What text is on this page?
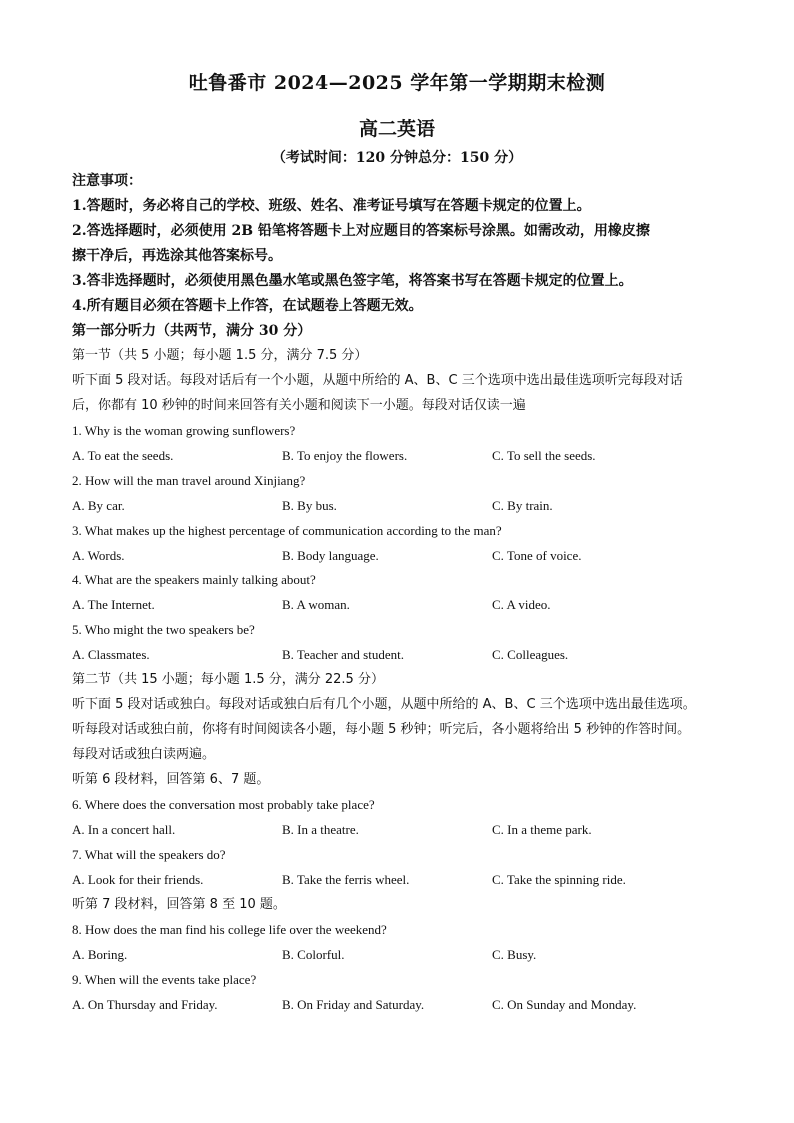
吐鲁番市 2024—2025 学年第一学期期末检测
高二英语
（考试时间：120 分钟总分：150 分）
注意事项：
1.答题时，务必将自己的学校、班级、姓名、准考证号填写在答题卡规定的位置上。
2.答选择题时，必须使用 2B 铅笔将答题卡上对应题目的答案标号涂黑。如需改动，用橡皮擦
擦干净后，再选涂其他答案标号。
3.答非选择题时，必须使用黑色墨水笔或黑色签字笔，将答案书写在答题卡规定的位置上。
4.所有题目必须在答题卡上作答，在试题卷上答题无效。
第一部分听力（共两节，满分 30 分）
第一节（共 5 小题；每小题 1.5 分，满分 7.5 分）
听下面 5 段对话。每段对话后有一个小题，从题中所给的 A、B、C 三个选项中选出最佳选项听完每段对话
后，你都有 10 秒钟的时间来回答有关小题和阅读下一小题。每段对话仅读一遍
1. Why is the woman growing sunflowers?
A. To eat the seeds.	B. To enjoy the flowers.	C. To sell the seeds.
2. How will the man travel around Xinjiang?
A. By car.	B. By bus.	C. By train.
3. What makes up the highest percentage of communication according to the man?
A. Words.	B. Body language.	C. Tone of voice.
4. What are the speakers mainly talking about?
A. The Internet.	B. A woman.	C. A video.
5. Who might the two speakers be?
A. Classmates.	B. Teacher and student.	C. Colleagues.
第二节（共 15 小题；每小题 1.5 分，满分 22.5 分）
听下面 5 段对话或独白。每段对话或独白后有几个小题，从题中所给的 A、B、C 三个选项中选出最佳选项。
听每段对话或独白前，你将有时间阅读各小题，每小题 5 秒钟；听完后，各小题将给出 5 秒钟的作答时间。
每段对话或独白读两遍。
听第 6 段材料，回答第 6、7 题。
6. Where does the conversation most probably take place?
A. In a concert hall.	B. In a theatre.	C. In a theme park.
7. What will the speakers do?
A. Look for their friends.	B. Take the ferris wheel.	C. Take the spinning ride.
听第 7 段材料，回答第 8 至 10 题。
8. How does the man find his college life over the weekend?
A. Boring.	B. Colorful.	C. Busy.
9. When will the events take place?
A. On Thursday and Friday.	B. On Friday and Saturday.	C. On Sunday and Monday.
